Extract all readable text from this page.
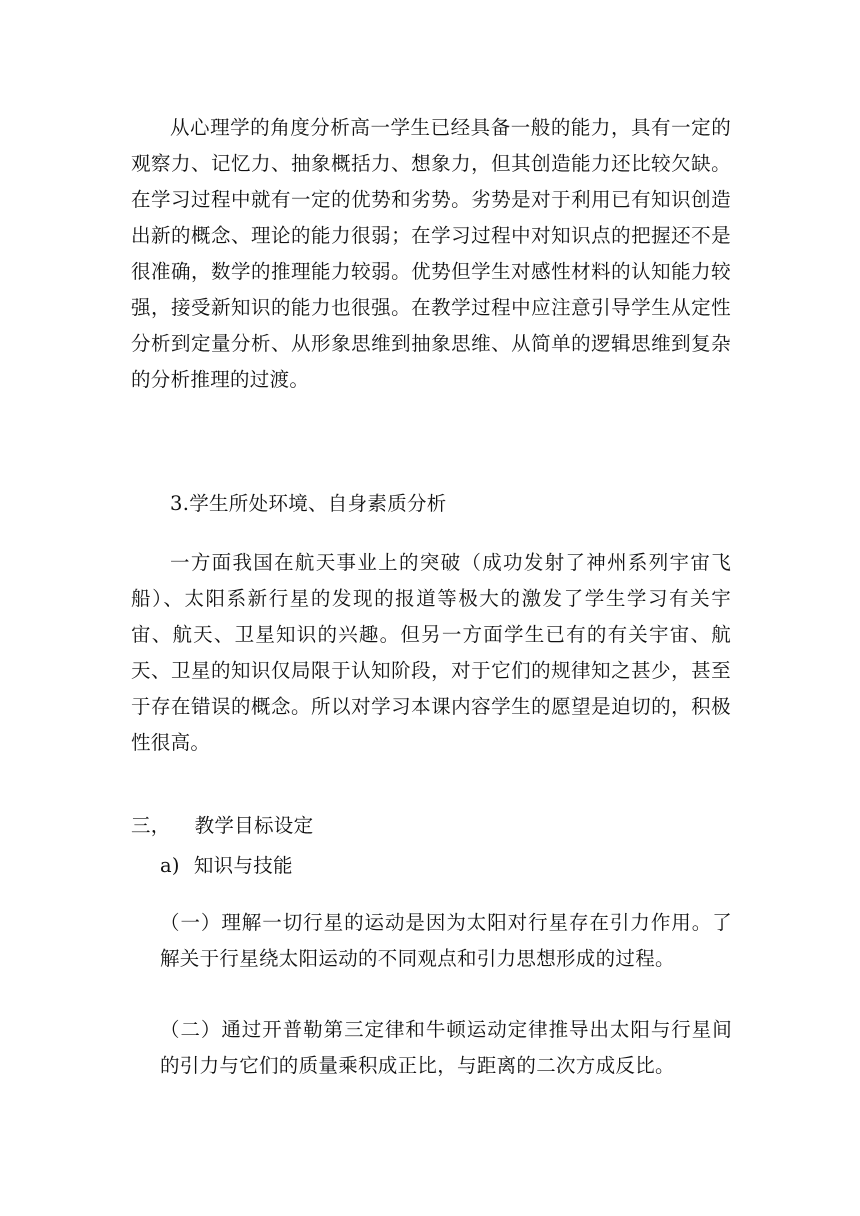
从心理学的角度分析高一学生已经具备一般的能力，具有一定的观察力、记忆力、抽象概括力、想象力，但其创造能力还比较欠缺。在学习过程中就有一定的优势和劣势。劣势是对于利用已有知识创造出新的概念、理论的能力很弱；在学习过程中对知识点的把握还不是很准确，数学的推理能力较弱。优势但学生对感性材料的认知能力较强，接受新知识的能力也很强。在教学过程中应注意引导学生从定性分析到定量分析、从形象思维到抽象思维、从简单的逻辑思维到复杂的分析推理的过渡。

3.学生所处环境、自身素质分析

一方面我国在航天事业上的突破（成功发射了神州系列宇宙飞船）、太阳系新行星的发现的报道等极大的激发了学生学习有关宇宙、航天、卫星知识的兴趣。但另一方面学生已有的有关宇宙、航天、卫星的知识仅局限于认知阶段，对于它们的规律知之甚少，甚至于存在错误的概念。所以对学习本课内容学生的愿望是迫切的，积极性很高。

三， 教学目标设定

a) 知识与技能

（一）理解一切行星的运动是因为太阳对行星存在引力作用。了解关于行星绕太阳运动的不同观点和引力思想形成的过程。

（二）通过开普勒第三定律和牛顿运动定律推导出太阳与行星间的引力与它们的质量乘积成正比，与距离的二次方成反比。
